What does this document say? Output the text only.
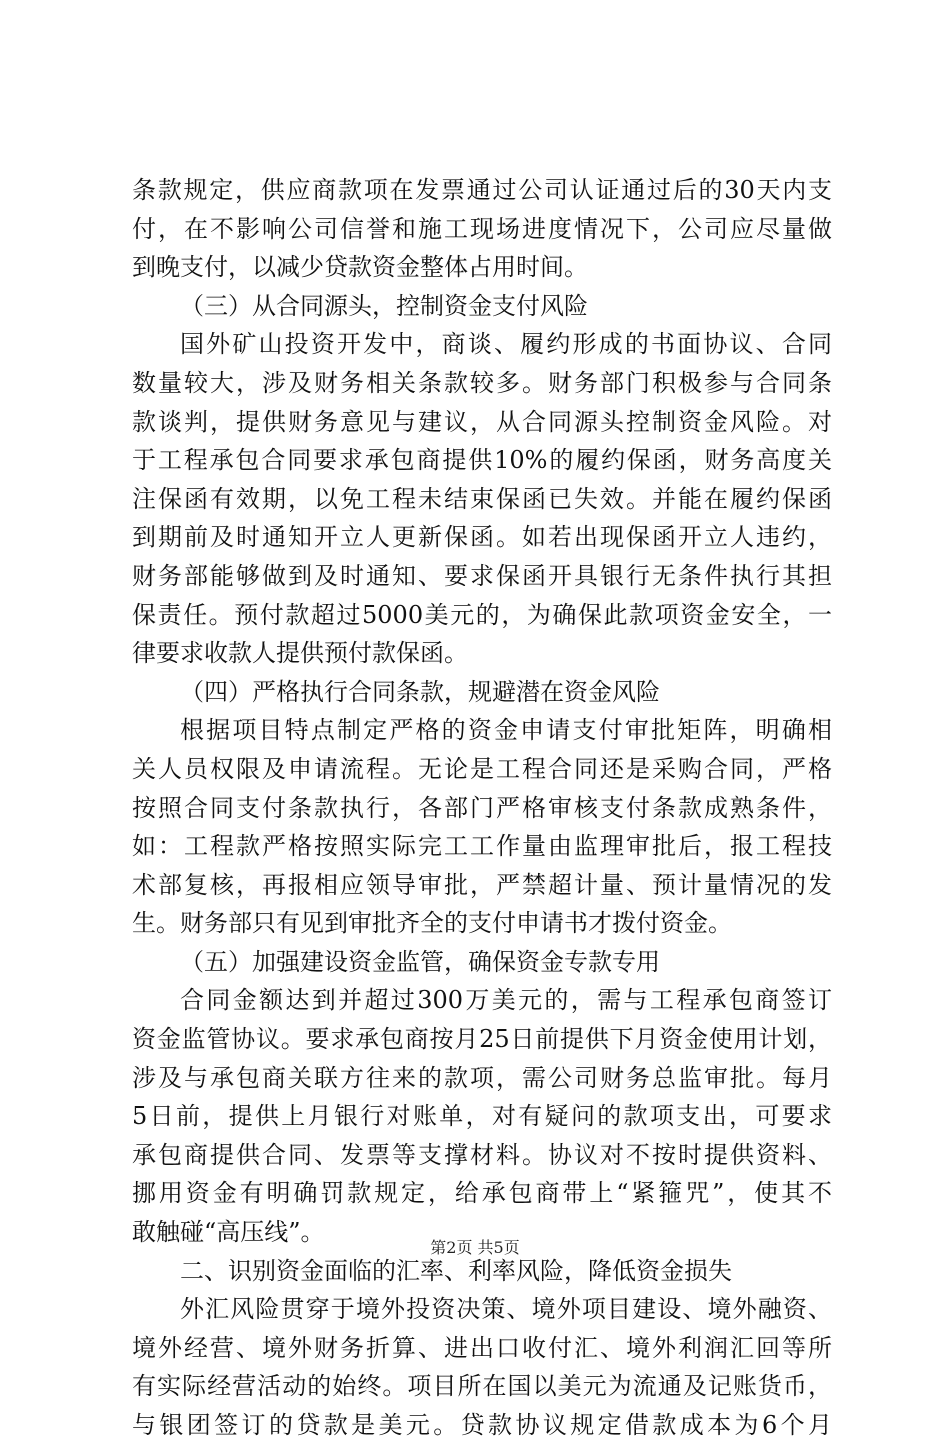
条款规定，供应商款项在发票通过公司认证通过后的30天内支
付，在不影响公司信誉和施工现场进度情况下，公司应尽量做
到晚支付，以减少贷款资金整体占用时间。
（三）从合同源头，控制资金支付风险
国外矿山投资开发中，商谈、履约形成的书面协议、合同
数量较大，涉及财务相关条款较多。财务部门积极参与合同条
款谈判，提供财务意见与建议，从合同源头控制资金风险。对
于工程承包合同要求承包商提供10%的履约保函，财务高度关
注保函有效期，以免工程未结束保函已失效。并能在履约保函
到期前及时通知开立人更新保函。如若出现保函开立人违约，
财务部能够做到及时通知、要求保函开具银行无条件执行其担
保责任。预付款超过5000美元的，为确保此款项资金安全，一
律要求收款人提供预付款保函。
（四）严格执行合同条款，规避潜在资金风险
根据项目特点制定严格的资金申请支付审批矩阵，明确相
关人员权限及申请流程。无论是工程合同还是采购合同，严格
按照合同支付条款执行，各部门严格审核支付条款成熟条件，
如：工程款严格按照实际完工工作量由监理审批后，报工程技
术部复核，再报相应领导审批，严禁超计量、预计量情况的发
生。财务部只有见到审批齐全的支付申请书才拨付资金。
（五）加强建设资金监管，确保资金专款专用
合同金额达到并超过300万美元的，需与工程承包商签订
资金监管协议。要求承包商按月25日前提供下月资金使用计划，
涉及与承包商关联方往来的款项，需公司财务总监审批。每月
5日前，提供上月银行对账单，对有疑问的款项支出，可要求
承包商提供合同、发票等支撑材料。协议对不按时提供资料、
挪用资金有明确罚款规定，给承包商带上“紧箍咒”，使其不
敢触碰“高压线”。
二、识别资金面临的汇率、利率风险，降低资金损失
外汇风险贯穿于境外投资决策、境外项目建设、境外融资、
境外经营、境外财务折算、进出口收付汇、境外利润汇回等所
有实际经营活动的始终。项目所在国以美元为流通及记账货币，
与银团签订的贷款是美元。贷款协议规定借款成本为6个月
第2页 共5页
